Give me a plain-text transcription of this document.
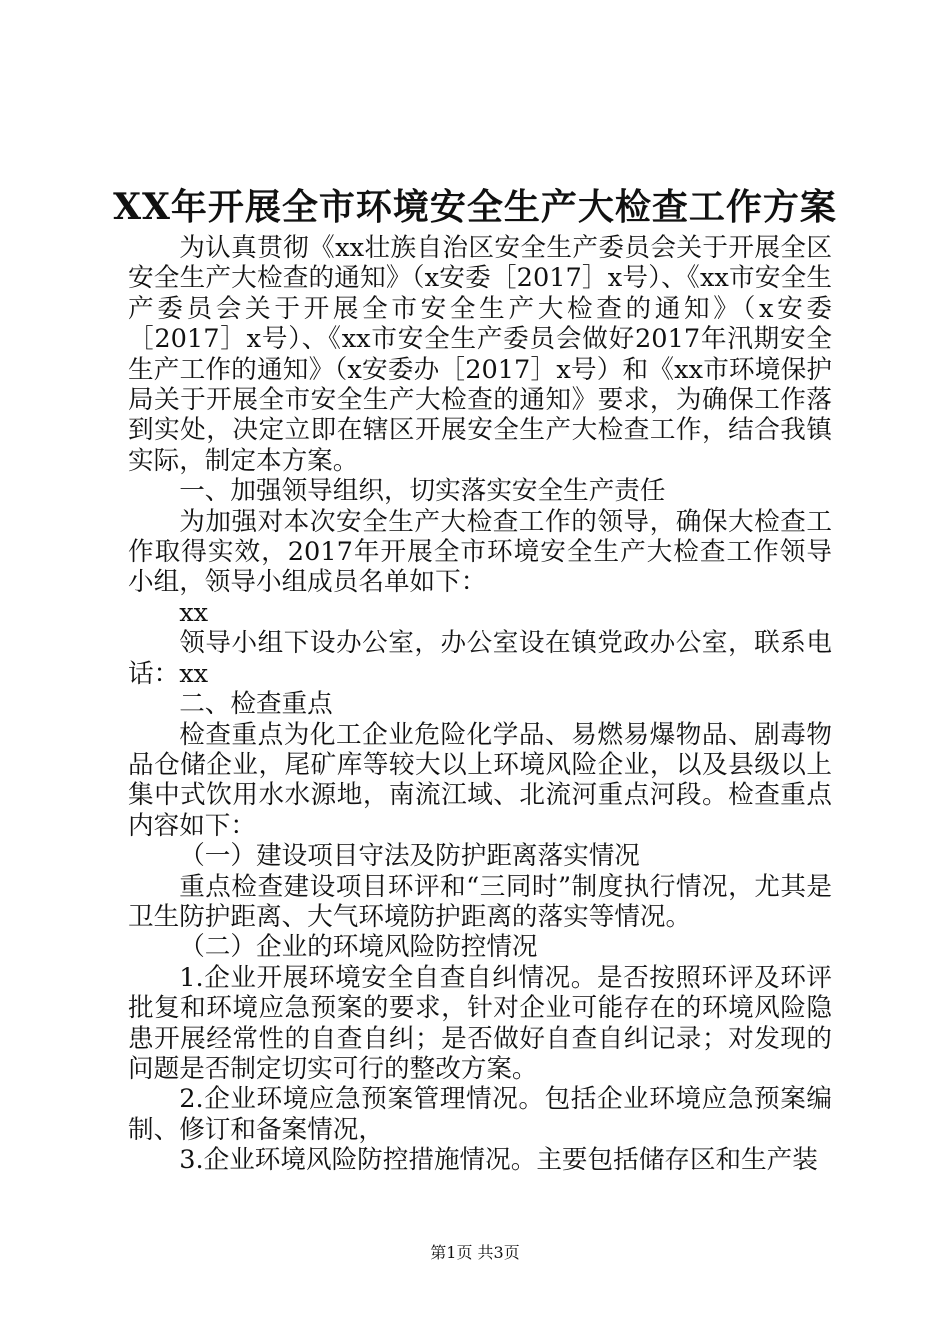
XX年开展全市环境安全生产大检查工作方案

为认真贯彻《xx壮族自治区安全生产委员会关于开展全区安全生产大检查的通知》（x安委［2017］x号）、《xx市安全生产委员会关于开展全市安全生产大检查的通知》（x安委［2017］x号）、《xx市安全生产委员会做好2017年汛期安全生产工作的通知》（x安委办［2017］x号）和《xx市环境保护局关于开展全市安全生产大检查的通知》要求，为确保工作落到实处，决定立即在辖区开展安全生产大检查工作，结合我镇实际，制定本方案。

一、加强领导组织，切实落实安全生产责任

为加强对本次安全生产大检查工作的领导，确保大检查工作取得实效，2017年开展全市环境安全生产大检查工作领导小组，领导小组成员名单如下：

xx

领导小组下设办公室，办公室设在镇党政办公室，联系电话：xx

二、检查重点

检查重点为化工企业危险化学品、易燃易爆物品、剧毒物品仓储企业，尾矿库等较大以上环境风险企业，以及县级以上集中式饮用水水源地，南流江域、北流河重点河段。检查重点内容如下：

（一）建设项目守法及防护距离落实情况

重点检查建设项目环评和“三同时”制度执行情况，尤其是卫生防护距离、大气环境防护距离的落实等情况。

（二）企业的环境风险防控情况

1.企业开展环境安全自查自纠情况。是否按照环评及环评批复和环境应急预案的要求，针对企业可能存在的环境风险隐患开展经常性的自查自纠；是否做好自查自纠记录；对发现的问题是否制定切实可行的整改方案。

2.企业环境应急预案管理情况。包括企业环境应急预案编制、修订和备案情况，

3.企业环境风险防控措施情况。主要包括储存区和生产装

第1页 共3页
